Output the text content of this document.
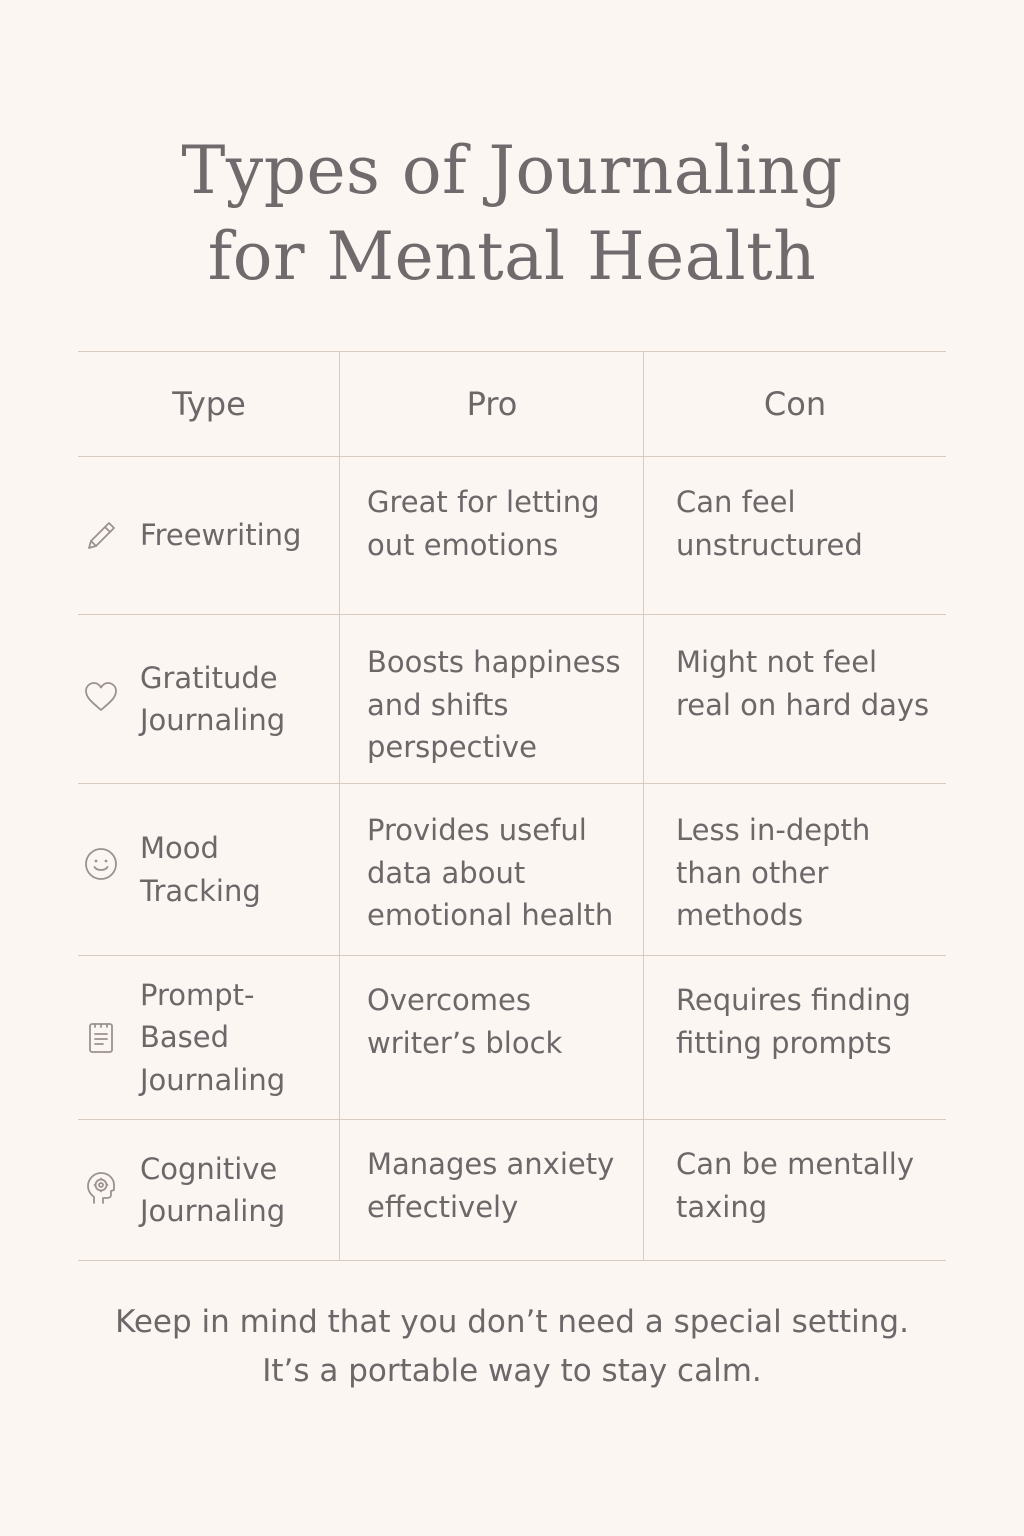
Types of Journaling
for Mental Health
Type	Pro	Con
Freewriting
Great for letting
out emotions
Can feel
unstructured
Gratitude
Journaling
Boosts happiness
and shifts
perspective
Might not feel
real on hard days
Mood
Tracking
Provides useful
data about
emotional health
Less in-depth
than other methods
Prompt-
Based
Journaling
Overcomes
writer’s block
Requires finding
fitting prompts
Cognitive
Journaling
Manages anxiety
effectively
Can be mentally
taxing
Keep in mind that you don’t need a special setting.
It’s a portable way to stay calm.
